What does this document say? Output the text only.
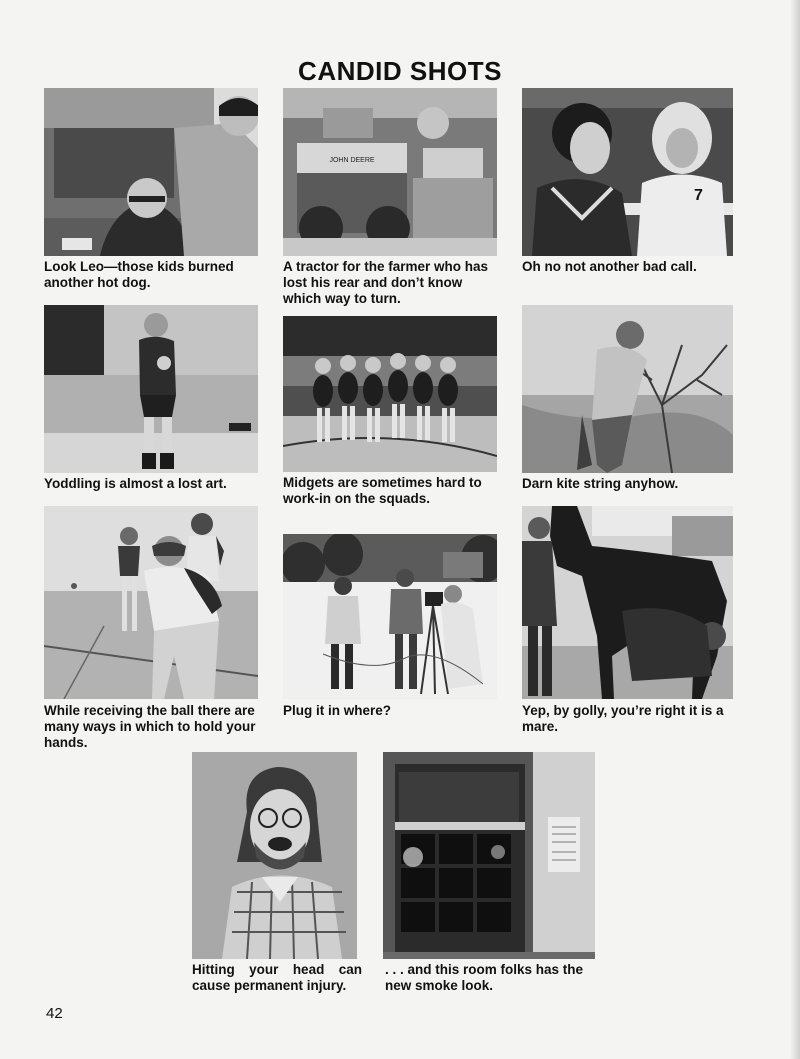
CANDID SHOTS
Look Leo—those kids burned another hot dog.
JOHN DEERE
A tractor for the farmer who has lost his rear and don’t know which way to turn.
7
Oh no not another bad call.
Yoddling is almost a lost art.	Midgets are sometimes hard to work-in on the squads.
Darn kite string anyhow.
While receiving the ball there are many ways in which to hold your hands.
Plug it in where?	Yep, by golly, you’re right it is a mare.
Hitting your head can cause permanent injury.
. . . and this room folks has the new smoke look.
42
